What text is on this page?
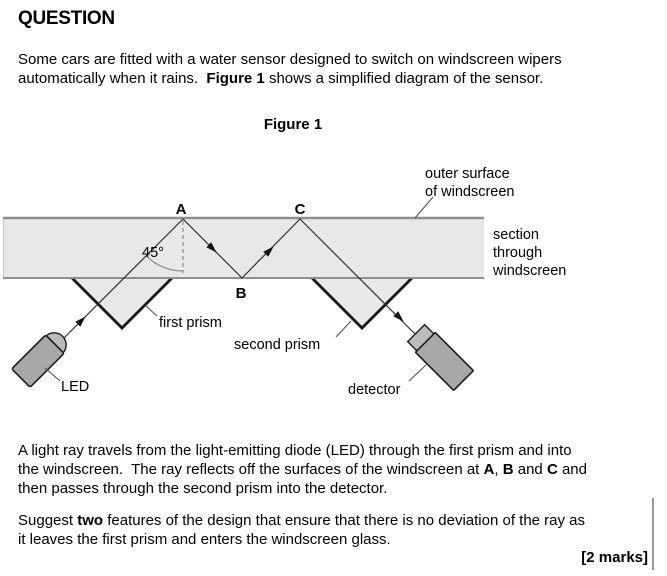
QUESTION
Some cars are fitted with a water sensor designed to switch on windscreen wipers
automatically when it rains.  Figure 1 shows a simplified diagram of the sensor.
Figure 1
outer surface
of windscreen
section
through
windscreen
A	C
B
45°
first prism
second prism
LED	detector
A light ray travels from the light-emitting diode (LED) through the first prism and into
the windscreen.  The ray reflects off the surfaces of the windscreen at A, B and C and
then passes through the second prism into the detector.
Suggest two features of the design that ensure that there is no deviation of the ray as
it leaves the first prism and enters the windscreen glass.
[2 marks]
